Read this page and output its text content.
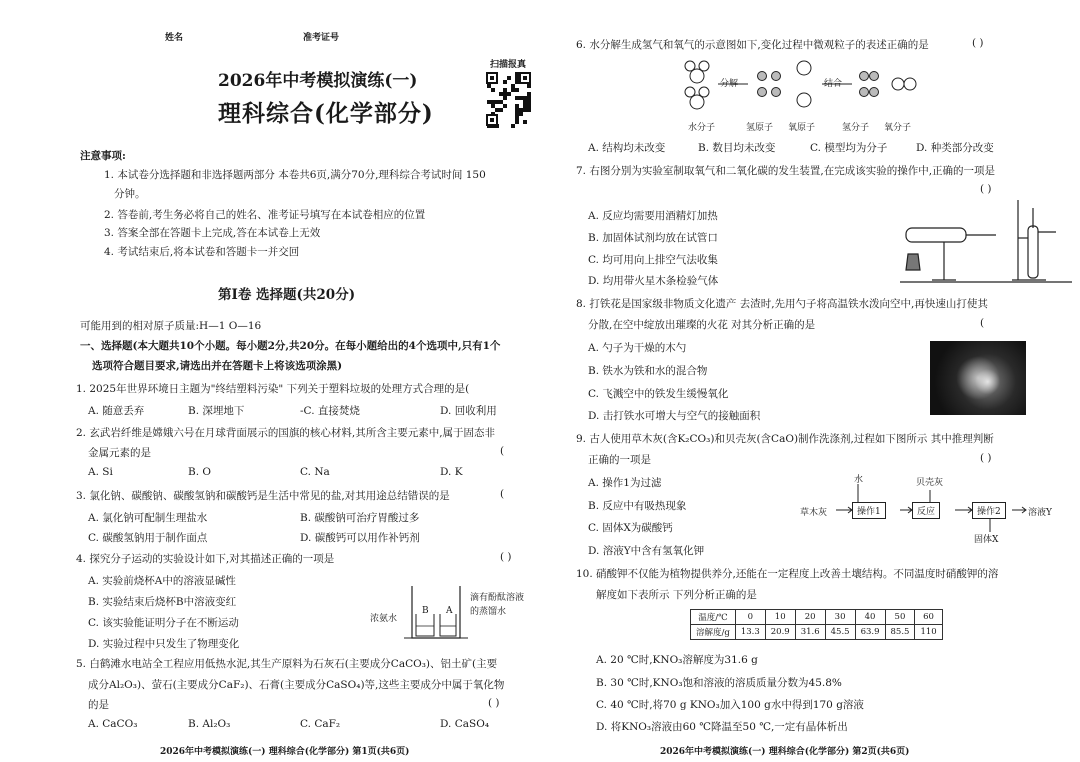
姓名	准考证号
2026年中考模拟演练(一)
理科综合(化学部分)
扫描报真
注意事项:
1. 本试卷分选择题和非选择题两部分 本卷共6页,满分70分,理科综合考试时间 150
分钟。
2. 答卷前,考生务必将自己的姓名、准考证号填写在本试卷相应的位置
3. 答案全部在答题卡上完成,答在本试卷上无效
4. 考试结束后,将本试卷和答题卡一并交回
第Ⅰ卷 选择题(共20分)
可能用到的相对原子质量:H—1 O—16
一、选择题(本大题共10个小题。每小题2分,共20分。在每小题给出的4个选项中,只有1个
选项符合题目要求,请选出并在答题卡上将该选项涂黑)
1. 2025年世界环境日主题为"终结塑料污染" 下列关于塑料垃圾的处理方式合理的是(
A. 随意丢弃	B. 深埋地下	-C. 直接焚烧	D. 回收利用
2. 玄武岩纤维是嫦娥六号在月球背面展示的国旗的核心材料,其所含主要元素中,属于固态非
金属元素的是	(
A. Si	B. O	C. Na	D. K
3. 氯化钠、碳酸钠、碳酸氢钠和碳酸钙是生活中常见的盐,对其用途总结错误的是	(
A. 氯化钠可配制生理盐水	B. 碳酸钠可治疗胃酸过多
C. 碳酸氢钠用于制作面点	D. 碳酸钙可以用作补钙剂
4. 探究分子运动的实验设计如下,对其描述正确的一项是	( )
A. 实验前烧杯A中的溶液显碱性
B. 实验结束后烧杯B中溶液变红
C. 该实验能证明分子在不断运动
D. 实验过程中只发生了物理变化
浓氨水
B A
滴有酚酞溶液
的蒸馏水
5. 白鹤滩水电站全工程应用低热水泥,其生产原料为石灰石(主要成分CaCO₃)、铝土矿(主要
成分Al₂O₃)、萤石(主要成分CaF₂)、石膏(主要成分CaSO₄)等,这些主要成分中属于氧化物
的是	( )
A. CaCO₃	B. Al₂O₃	C. CaF₂	D. CaSO₄
2026年中考模拟演练(一) 理科综合(化学部分) 第1页(共6页)
6. 水分解生成氢气和氧气的示意图如下,变化过程中微观粒子的表述正确的是	( )
分解	结合
水分子	氢原子 氧原子	氢分子 氧分子
A. 结构均未改变	B. 数目均未改变	C. 模型均为分子	D. 种类部分改变
7. 右图分别为实验室制取氧气和二氧化碳的发生装置,在完成该实验的操作中,正确的一项是
( )
A. 反应均需要用酒精灯加热
B. 加固体试剂均放在试管口
C. 均可用向上排空气法收集
D. 均用带火星木条检验气体
8. 打铁花是国家级非物质文化遗产 去渣时,先用勺子将高温铁水泼向空中,再快速山打使其
分散,在空中绽放出璀璨的火花 对其分析正确的是	(
A. 勺子为干燥的木勺
B. 铁水为铁和水的混合物
C. 飞溅空中的铁发生缓慢氧化
D. 击打铁水可增大与空气的接触面积
9. 古人使用草木灰(含K₂CO₃)和贝壳灰(含CaO)制作洗涤剂,过程如下图所示 其中推理判断
正确的一项是	( )
A. 操作1为过滤
B. 反应中有吸热现象
C. 固体X为碳酸钙
D. 溶液Y中含有氢氧化钾
水	贝壳灰
草木灰	操作1	反应	操作2	溶液Y
固体X
10. 硝酸钾不仅能为植物提供养分,还能在一定程度上改善土壤结构。不同温度时硝酸钾的溶
解度如下表所示 下列分析正确的是
温度/℃	0	10	20	30	40	50	60
溶解度/g	13.3	20.9	31.6	45.5	63.9	85.5	110
A. 20 ℃时,KNO₃溶解度为31.6 g
B. 30 ℃时,KNO₃饱和溶液的溶质质量分数为45.8%
C. 40 ℃时,将70 g KNO₃加入100 g水中得到170 g溶液
D. 将KNO₃溶液由60 ℃降温至50 ℃,一定有晶体析出
2026年中考模拟演练(一) 理科综合(化学部分) 第2页(共6页)
